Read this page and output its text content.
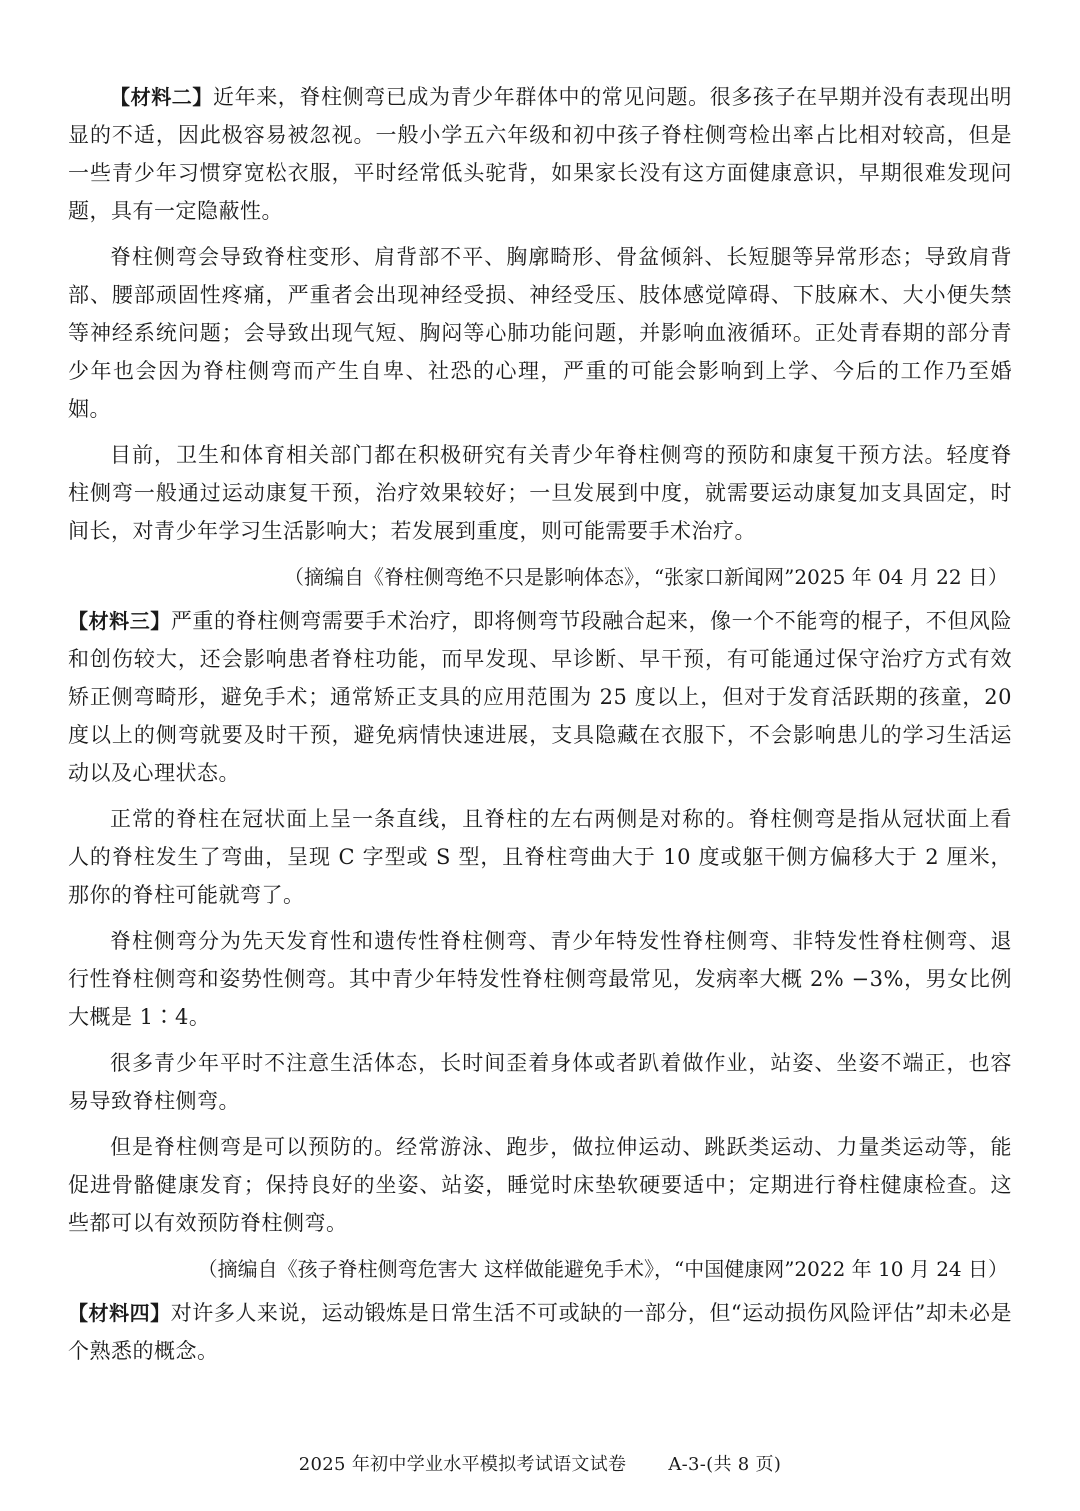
【材料二】近年来，脊柱侧弯已成为青少年群体中的常见问题。很多孩子在早期并没有表现出明显的不适，因此极容易被忽视。一般小学五六年级和初中孩子脊柱侧弯检出率占比相对较高，但是一些青少年习惯穿宽松衣服，平时经常低头驼背，如果家长没有这方面健康意识，早期很难发现问题，具有一定隐蔽性。

脊柱侧弯会导致脊柱变形、肩背部不平、胸廓畸形、骨盆倾斜、长短腿等异常形态；导致肩背部、腰部顽固性疼痛，严重者会出现神经受损、神经受压、肢体感觉障碍、下肢麻木、大小便失禁等神经系统问题；会导致出现气短、胸闷等心肺功能问题，并影响血液循环。正处青春期的部分青少年也会因为脊柱侧弯而产生自卑、社恐的心理，严重的可能会影响到上学、今后的工作乃至婚姻。

目前，卫生和体育相关部门都在积极研究有关青少年脊柱侧弯的预防和康复干预方法。轻度脊柱侧弯一般通过运动康复干预，治疗效果较好；一旦发展到中度，就需要运动康复加支具固定，时间长，对青少年学习生活影响大；若发展到重度，则可能需要手术治疗。

（摘编自《脊柱侧弯绝不只是影响体态》，“张家口新闻网”2025 年 04 月 22 日）

【材料三】严重的脊柱侧弯需要手术治疗，即将侧弯节段融合起来，像一个不能弯的棍子，不但风险和创伤较大，还会影响患者脊柱功能，而早发现、早诊断、早干预，有可能通过保守治疗方式有效矫正侧弯畸形，避免手术；通常矫正支具的应用范围为 25 度以上，但对于发育活跃期的孩童，20 度以上的侧弯就要及时干预，避免病情快速进展，支具隐藏在衣服下，不会影响患儿的学习生活运动以及心理状态。

正常的脊柱在冠状面上呈一条直线，且脊柱的左右两侧是对称的。脊柱侧弯是指从冠状面上看人的脊柱发生了弯曲，呈现 C 字型或 S 型，且脊柱弯曲大于 10 度或躯干侧方偏移大于 2 厘米，那你的脊柱可能就弯了。

脊柱侧弯分为先天发育性和遗传性脊柱侧弯、青少年特发性脊柱侧弯、非特发性脊柱侧弯、退行性脊柱侧弯和姿势性侧弯。其中青少年特发性脊柱侧弯最常见，发病率大概 2% −3%，男女比例大概是 1∶4。

很多青少年平时不注意生活体态，长时间歪着身体或者趴着做作业，站姿、坐姿不端正，也容易导致脊柱侧弯。

但是脊柱侧弯是可以预防的。经常游泳、跑步，做拉伸运动、跳跃类运动、力量类运动等，能促进骨骼健康发育；保持良好的坐姿、站姿，睡觉时床垫软硬要适中；定期进行脊柱健康检查。这些都可以有效预防脊柱侧弯。

（摘编自《孩子脊柱侧弯危害大 这样做能避免手术》，“中国健康网”2022 年 10 月 24 日）

【材料四】对许多人来说，运动锻炼是日常生活不可或缺的一部分，但“运动损伤风险评估”却未必是个熟悉的概念。

2025 年初中学业水平模拟考试语文试卷 A-3-(共 8 页)
